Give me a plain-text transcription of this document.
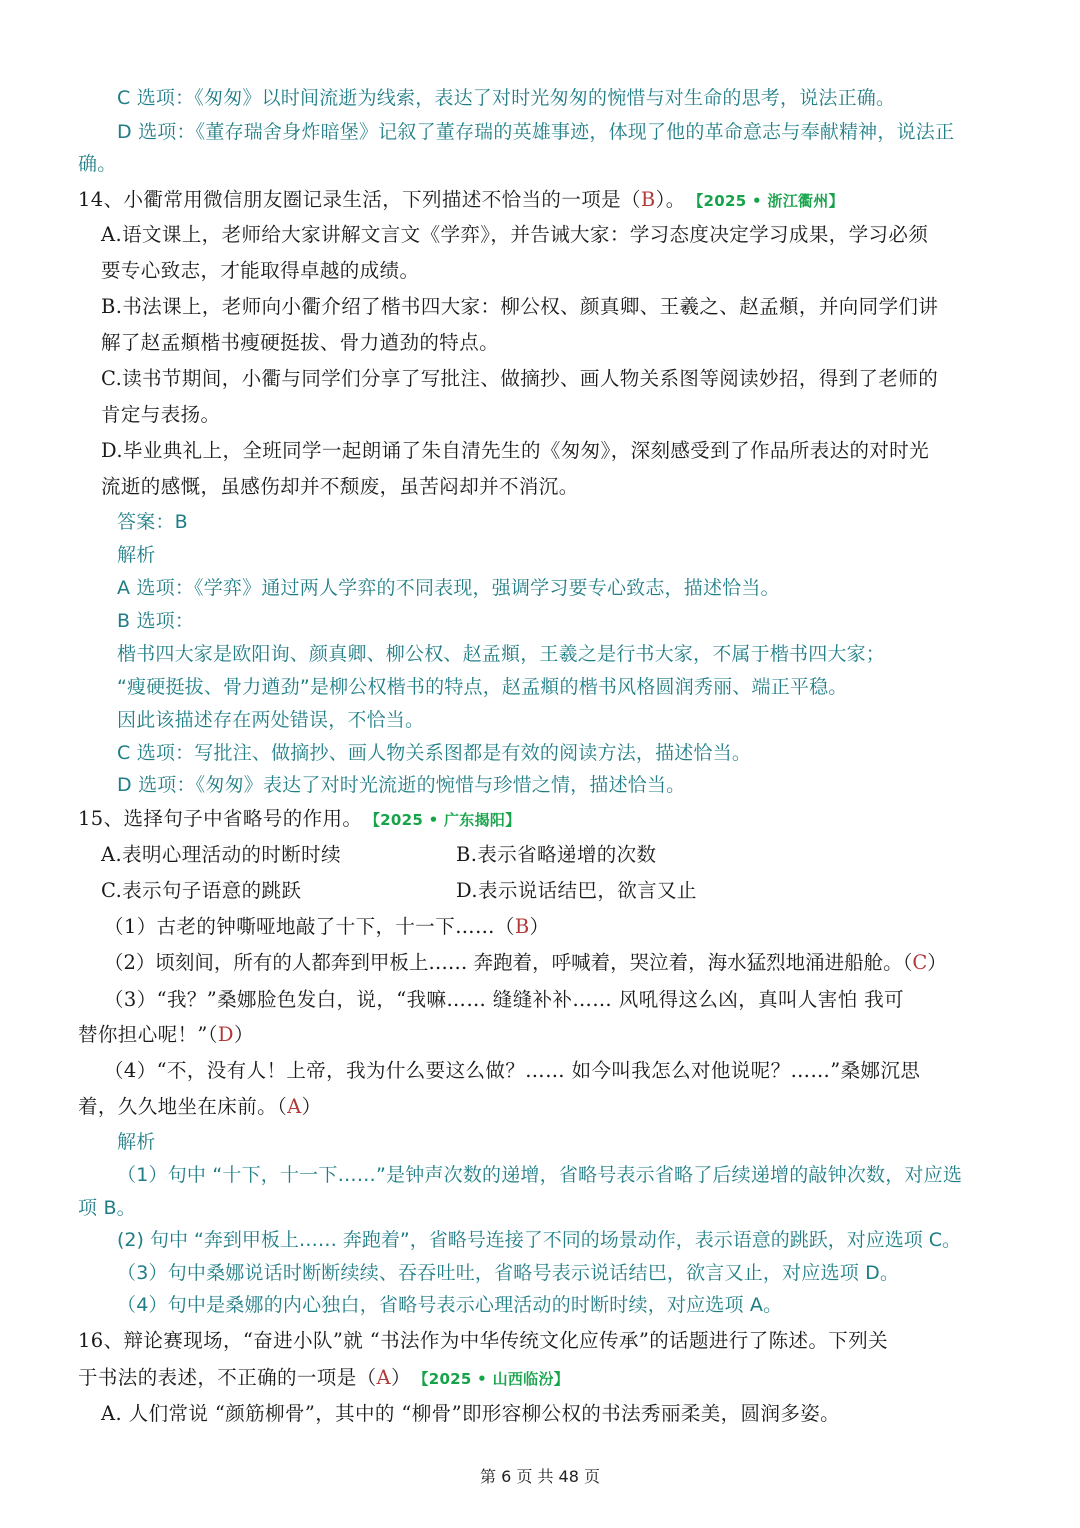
C 选项：《匆匆》以时间流逝为线索，表达了对时光匆匆的惋惜与对生命的思考，说法正确。
D 选项：《董存瑞舍身炸暗堡》记叙了董存瑞的英雄事迹，体现了他的革命意志与奉献精神，说法正
确。
14、小衢常用微信朋友圈记录生活，下列描述不恰当的一项是（B）。 【2025 • 浙江衢州】
A.语文课上，老师给大家讲解文言文《学弈》，并告诫大家：学习态度决定学习成果，学习必须
要专心致志，才能取得卓越的成绩。
B.书法课上，老师向小衢介绍了楷书四大家：柳公权、颜真卿、王羲之、赵孟頫，并向同学们讲
解了赵孟頫楷书瘦硬挺拔、骨力遒劲的特点。
C.读书节期间，小衢与同学们分享了写批注、做摘抄、画人物关系图等阅读妙招，得到了老师的
肯定与表扬。
D.毕业典礼上，全班同学一起朗诵了朱自清先生的《匆匆》，深刻感受到了作品所表达的对时光
流逝的感慨，虽感伤却并不颓废，虽苦闷却并不消沉。
答案：B
解析
A 选项：《学弈》通过两人学弈的不同表现，强调学习要专心致志，描述恰当。
B 选项：
楷书四大家是欧阳询、颜真卿、柳公权、赵孟頫，王羲之是行书大家，不属于楷书四大家；
“瘦硬挺拔、骨力遒劲”是柳公权楷书的特点，赵孟頫的楷书风格圆润秀丽、端正平稳。
因此该描述存在两处错误，不恰当。
C 选项：写批注、做摘抄、画人物关系图都是有效的阅读方法，描述恰当。
D 选项：《匆匆》表达了对时光流逝的惋惜与珍惜之情，描述恰当。
15、选择句子中省略号的作用。 【2025 • 广东揭阳】
A.表明心理活动的时断时续	B.表示省略递增的次数
C.表示句子语意的跳跃	D.表示说话结巴，欲言又止
（1）古老的钟嘶哑地敲了十下，十一下……（B）
（2）顷刻间，所有的人都奔到甲板上…… 奔跑着，呼喊着，哭泣着，海水猛烈地涌进船舱。（C）
（3）“我？”桑娜脸色发白，说，“我嘛…… 缝缝补补…… 风吼得这么凶，真叫人害怕 我可
替你担心呢！”（D）
（4）“不，没有人！上帝，我为什么要这么做？…… 如今叫我怎么对他说呢？……”桑娜沉思
着，久久地坐在床前。（A）
解析
（1）句中 “十下，十一下……”是钟声次数的递增，省略号表示省略了后续递增的敲钟次数，对应选
项 B。
(2) 句中 “奔到甲板上…… 奔跑着”，省略号连接了不同的场景动作，表示语意的跳跃，对应选项 C。
（3）句中桑娜说话时断断续续、吞吞吐吐，省略号表示说话结巴，欲言又止，对应选项 D。
（4）句中是桑娜的内心独白，省略号表示心理活动的时断时续，对应选项 A。
16、辩论赛现场，“奋进小队”就 “书法作为中华传统文化应传承”的话题进行了陈述。下列关
于书法的表述，不正确的一项是（A） 【2025 • 山西临汾】
A. 人们常说 “颜筋柳骨”，其中的 “柳骨”即形容柳公权的书法秀丽柔美，圆润多姿。
第 6 页 共 48 页
